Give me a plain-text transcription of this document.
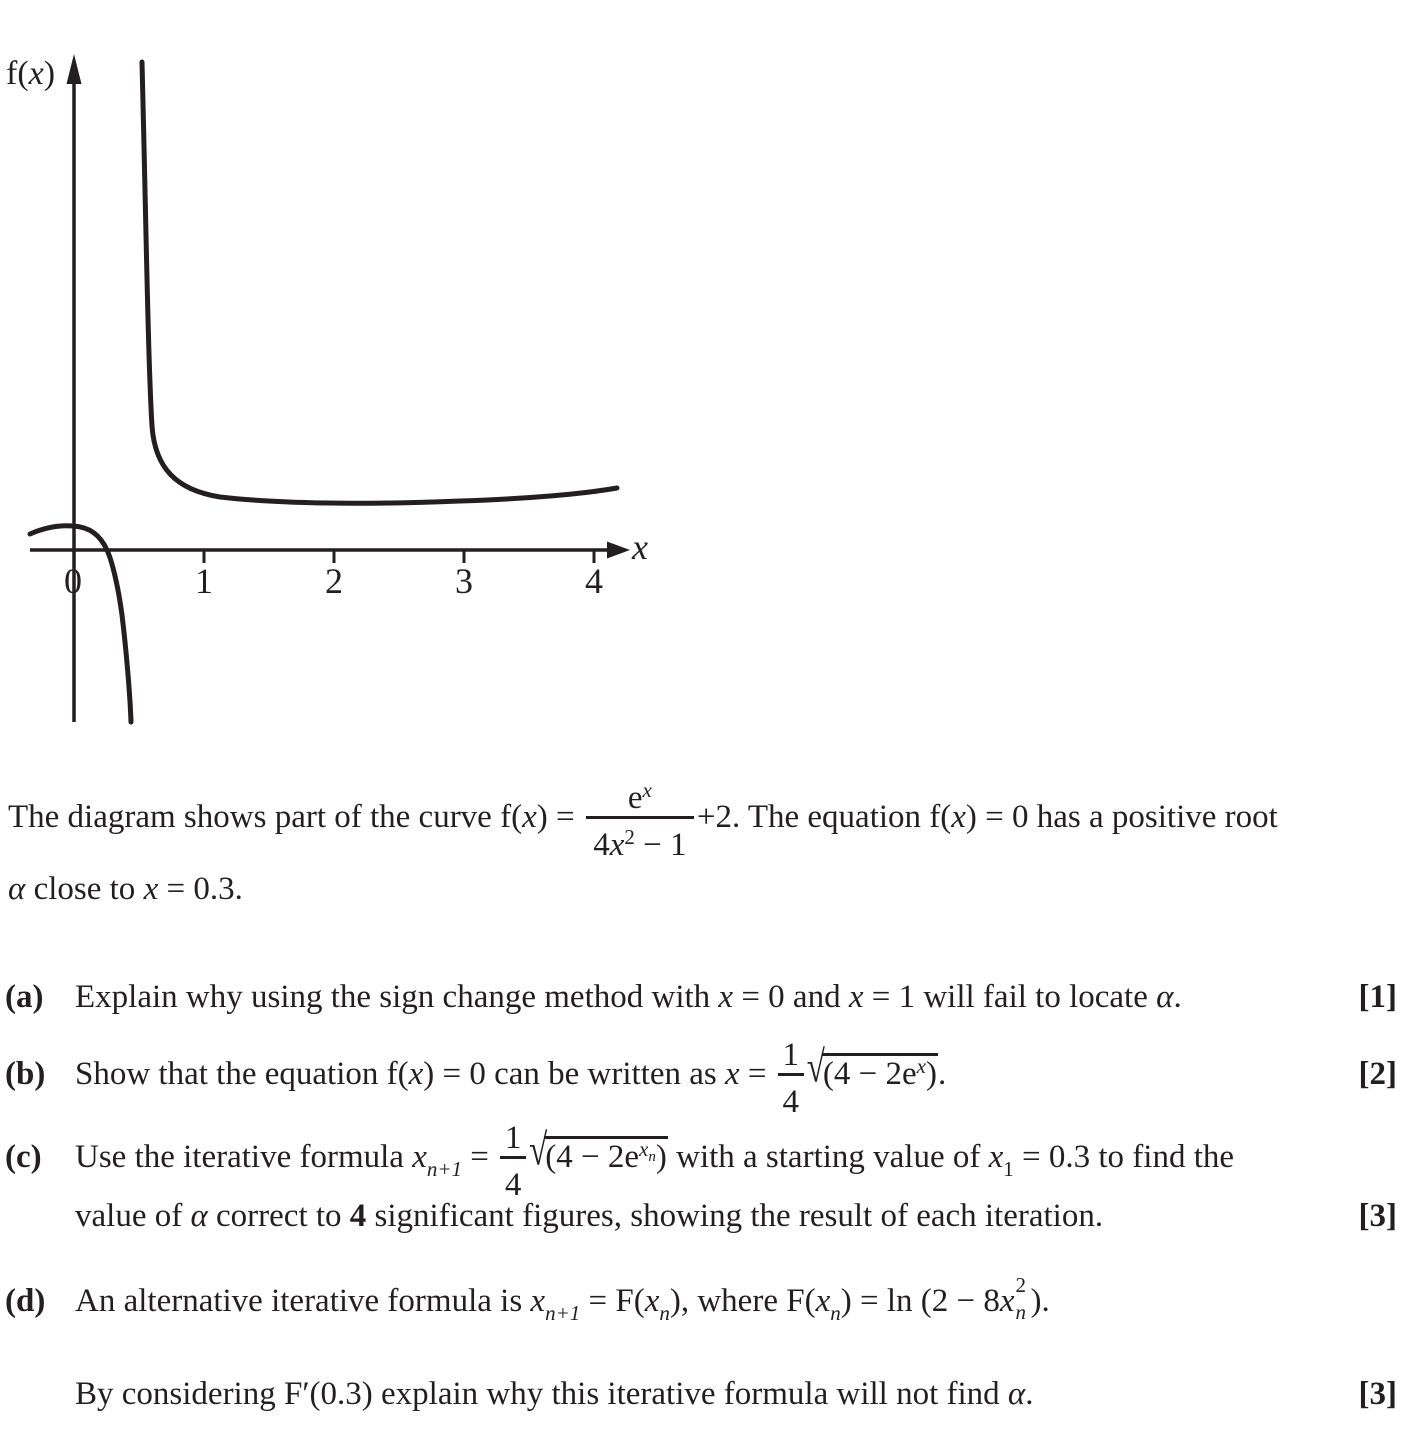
f(x)
x
0	1	2	3	4
The diagram shows part of the curve f(x) =
$e^x$
$4x^2 - 1$
+2. The equation f(x) = 0 has a positive root
α close to x = 0.3.
(a) Explain why using the sign change method with x = 0 and x = 1 will fail to locate α.	[1]
(b) Show that the equation f(x) = 0 can be written as x =
1
4
$√(4 - 2e^x)$.	[2]
(c) Use the iterative formula $x_{n+1}$ =
1
4
$√(4 - 2e^{x_n})$ with a starting value of $x_1 = 0.3$ to find the
value of α correct to 4 significant figures, showing the result of each iteration.	[3]
(d) An alternative iterative formula is $x_{n+1} = F(x_n)$, where $F(x_n) = \ln (2 - 8x$ 2
n ).
By considering F′(0.3) explain why this iterative formula will not find α.	[3]
